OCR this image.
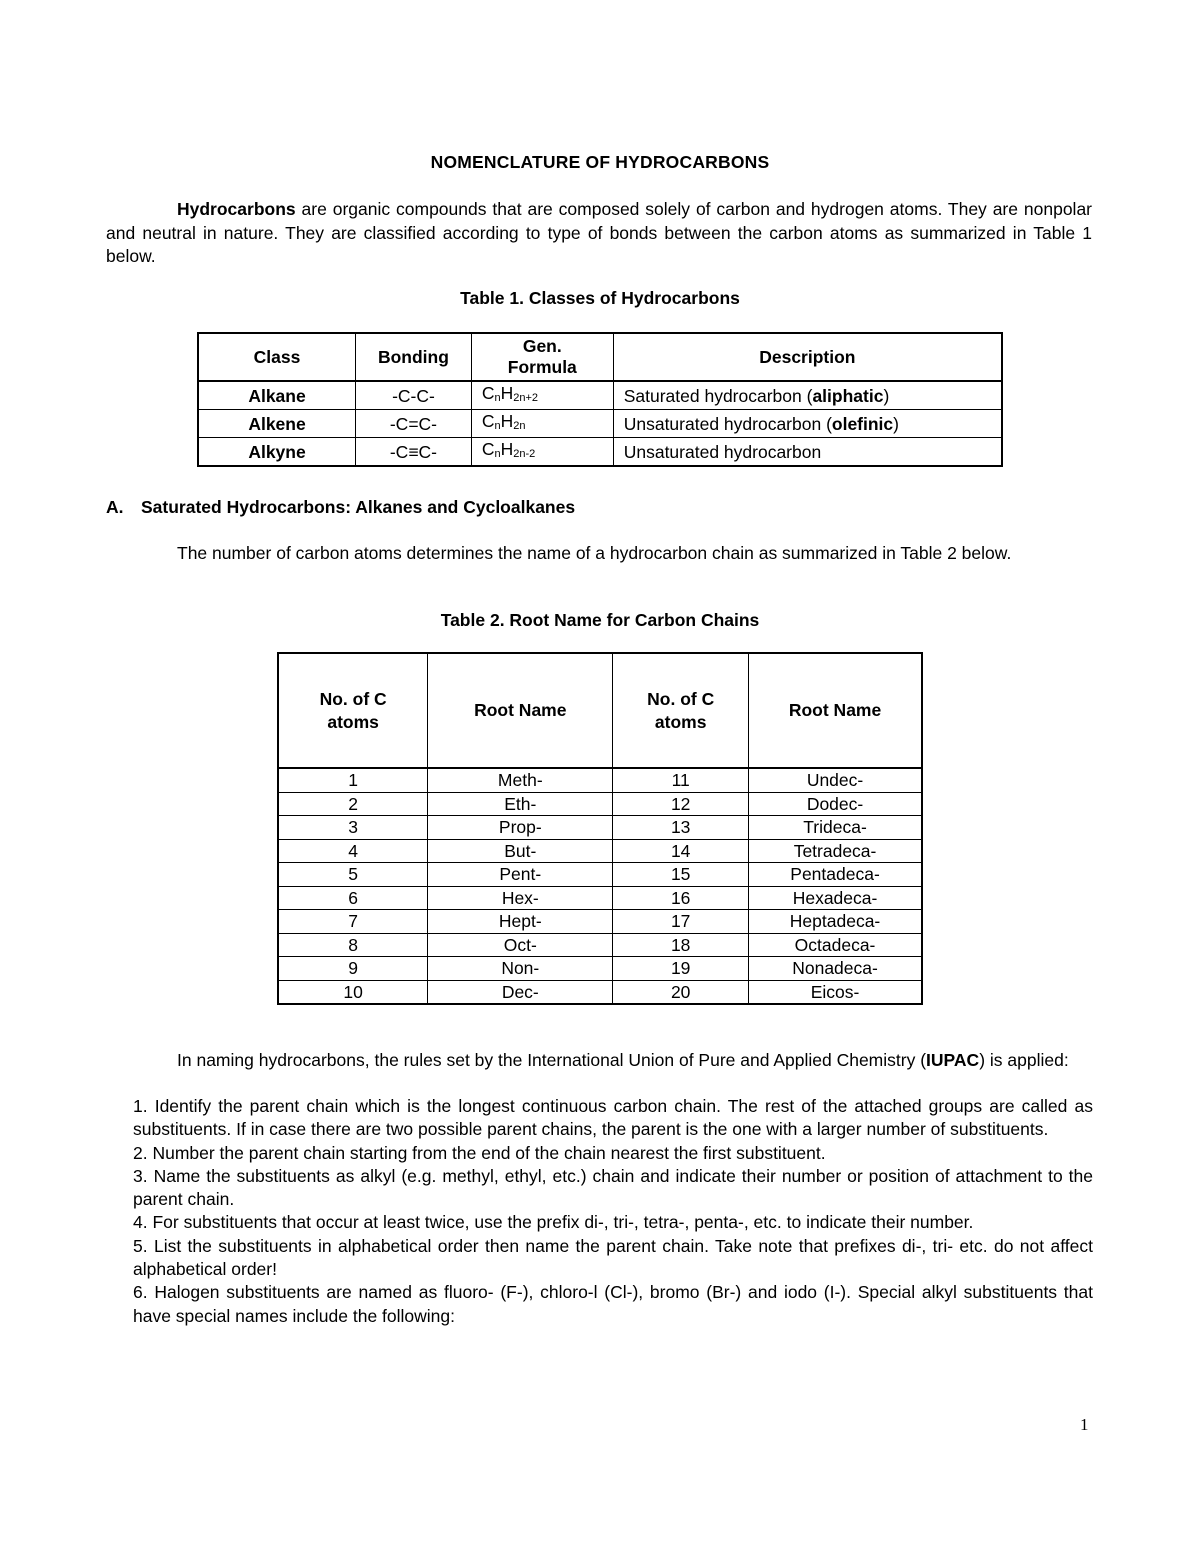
NOMENCLATURE OF HYDROCARBONS
Hydrocarbons are organic compounds that are composed solely of carbon and hydrogen atoms. They are nonpolar and neutral in nature. They are classified according to type of bonds between the carbon atoms as summarized in Table 1 below.
Table 1. Classes of Hydrocarbons
Class	Bonding	Gen. Formula	Description
Alkane	-C-C-	$C_nH_{2n+2}$	Saturated hydrocarbon (aliphatic)
Alkene	-C=C-	$C_nH_{2n}$	Unsaturated hydrocarbon (olefinic)
Alkyne	-C≡C-	$C_nH_{2n-2}$	Unsaturated hydrocarbon
A. Saturated Hydrocarbons: Alkanes and Cycloalkanes
The number of carbon atoms determines the name of a hydrocarbon chain as summarized in Table 2 below.
Table 2. Root Name for Carbon Chains
No. of C atoms	Root Name	No. of C atoms	Root Name
1	Meth-	11	Undec-
2	Eth-	12	Dodec-
3	Prop-	13	Trideca-
4	But-	14	Tetradeca-
5	Pent-	15	Pentadeca-
6	Hex-	16	Hexadeca-
7	Hept-	17	Heptadeca-
8	Oct-	18	Octadeca-
9	Non-	19	Nonadeca-
10	Dec-	20	Eicos-
In naming hydrocarbons, the rules set by the International Union of Pure and Applied Chemistry (IUPAC) is applied:

1. Identify the parent chain which is the longest continuous carbon chain. The rest of the attached groups are called as substituents. If in case there are two possible parent chains, the parent is the one with a larger number of substituents.

2. Number the parent chain starting from the end of the chain nearest the first substituent.

3. Name the substituents as alkyl (e.g. methyl, ethyl, etc.) chain and indicate their number or position of attachment to the parent chain.

4. For substituents that occur at least twice, use the prefix di-, tri-, tetra-, penta-, etc. to indicate their number.

5. List the substituents in alphabetical order then name the parent chain. Take note that prefixes di-, tri- etc. do not affect alphabetical order!

6. Halogen substituents are named as fluoro- (F-), chloro-l (Cl-), bromo (Br-) and iodo (I-). Special alkyl substituents that have special names include the following:

1
